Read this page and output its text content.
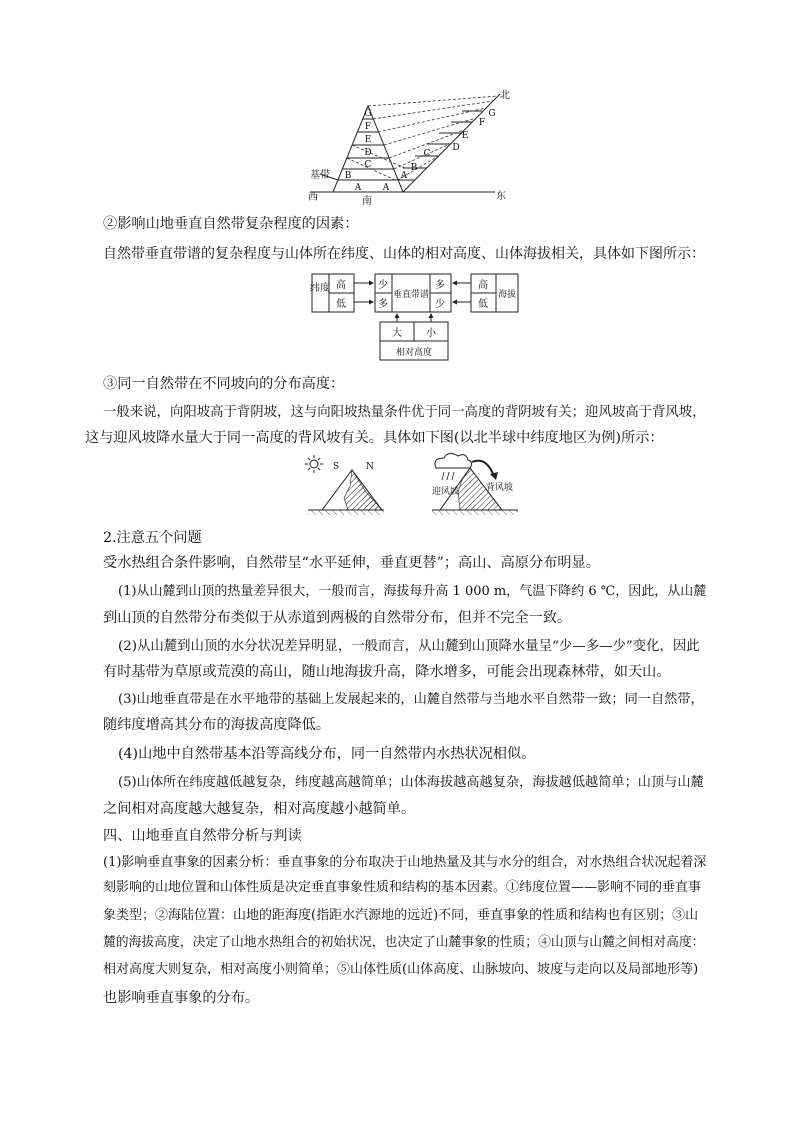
G
F
E
D
C
B
A A
A
B
C
D
E
F
G
基带
西	南	东
北

②影响山地垂直自然带复杂程度的因素：

自然带垂直带谱的复杂程度与山体所在纬度、山体的相对高度、山体海拔相关，具体如下图所示：

纬度 高
低
少
多
垂直带谱
多
少
高
低
海拔
大 小
相对高度

③同一自然带在不同坡向的分布高度：

一般来说，向阳坡高于背阴坡，这与向阳坡热量条件优于同一高度的背阴坡有关；迎风坡高于背风坡，

这与迎风坡降水量大于同一高度的背风坡有关。具体如下图(以北半球中纬度地区为例)所示：

S	N
迎风坡	背风坡

2.注意五个问题

受水热组合条件影响，自然带呈“水平延伸，垂直更替”；高山、高原分布明显。

(1)从山麓到山顶的热量差异很大，一般而言，海拔每升高 1 000 m，气温下降约 6 ℃，因此，从山麓

到山顶的自然带分布类似于从赤道到两极的自然带分布，但并不完全一致。

(2)从山麓到山顶的水分状况差异明显，一般而言，从山麓到山顶降水量呈“少—多—少”变化，因此

有时基带为草原或荒漠的高山，随山地海拔升高，降水增多，可能会出现森林带，如天山。

(3)山地垂直带是在水平地带的基础上发展起来的，山麓自然带与当地水平自然带一致；同一自然带，

随纬度增高其分布的海拔高度降低。

(4)山地中自然带基本沿等高线分布，同一自然带内水热状况相似。

(5)山体所在纬度越低越复杂，纬度越高越简单；山体海拔越高越复杂，海拔越低越简单；山顶与山麓

之间相对高度越大越复杂，相对高度越小越简单。

四、山地垂直自然带分析与判读

(1)影响垂直事象的因素分析：垂直事象的分布取决于山地热量及其与水分的组合，对水热组合状况起着深

刻影响的山地位置和山体性质是决定垂直事象性质和结构的基本因素。①纬度位置——影响不同的垂直事

象类型；②海陆位置：山地的距海度(指距水汽源地的远近)不同，垂直事象的性质和结构也有区别；③山

麓的海拔高度，决定了山地水热组合的初始状况，也决定了山麓事象的性质；④山顶与山麓之间相对高度：

相对高度大则复杂，相对高度小则简单；⑤山体性质(山体高度、山脉坡向、坡度与走向以及局部地形等)

也影响垂直事象的分布。
